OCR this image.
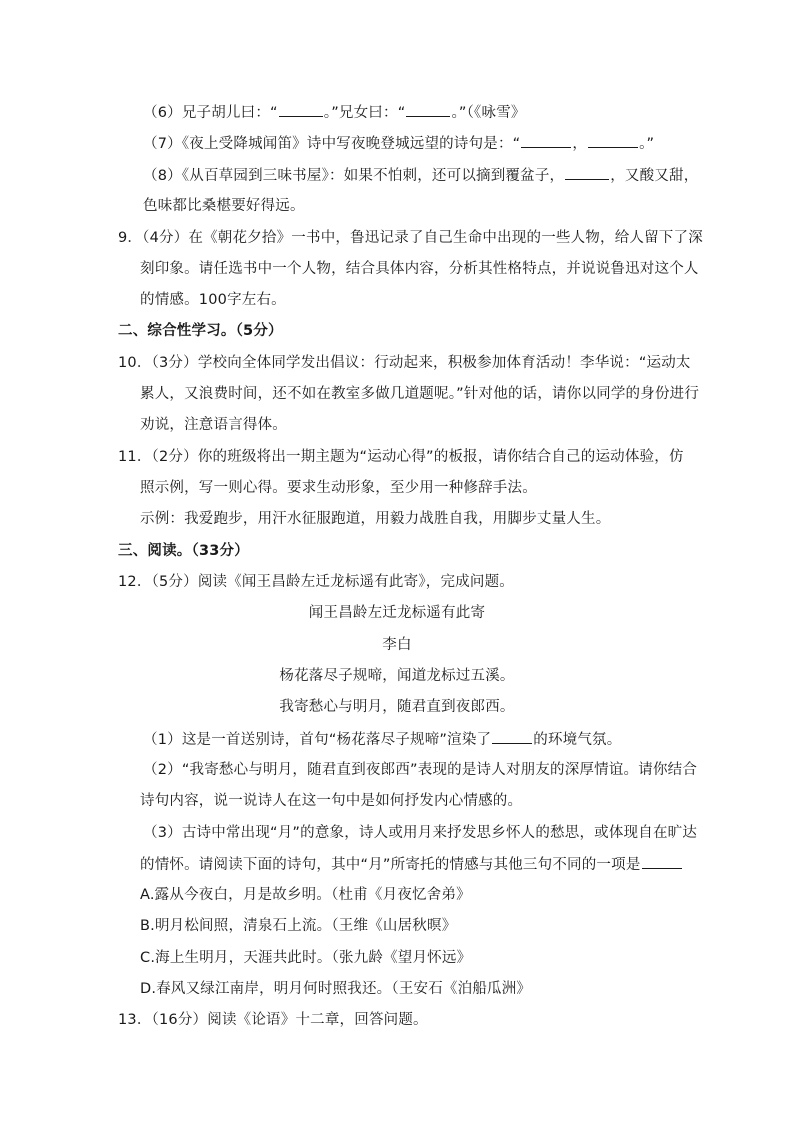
（6）兄子胡儿曰：“	。”兄女曰：“	。”（《咏雪》
（7）《夜上受降城闻笛》诗中写夜晚登城远望的诗句是：“	，	。”
（8）《从百草园到三味书屋》：如果不怕刺，还可以摘到覆盆子，	，又酸又甜，
色味都比桑椹要好得远。
9．（4分）在《朝花夕拾》一书中，鲁迅记录了自己生命中出现的一些人物，给人留下了深
刻印象。请任选书中一个人物，结合具体内容，分析其性格特点，并说说鲁迅对这个人
的情感。100字左右。
二、综合性学习。（5分）
10．（3分）学校向全体同学发出倡议：行动起来，积极参加体育活动！李华说：“运动太
累人，又浪费时间，还不如在教室多做几道题呢。”针对他的话，请你以同学的身份进行
劝说，注意语言得体。
11．（2分）你的班级将出一期主题为“运动心得”的板报，请你结合自己的运动体验，仿
照示例，写一则心得。要求生动形象，至少用一种修辞手法。
示例：我爱跑步，用汗水征服跑道，用毅力战胜自我，用脚步丈量人生。
三、阅读。（33分）
12．（5分）阅读《闻王昌龄左迁龙标遥有此寄》，完成问题。
闻王昌龄左迁龙标遥有此寄
李白
杨花落尽子规啼，闻道龙标过五溪。
我寄愁心与明月，随君直到夜郎西。
（1）这是一首送别诗，首句“杨花落尽子规啼”渲染了	的环境气氛。
（2）“我寄愁心与明月，随君直到夜郎西”表现的是诗人对朋友的深厚情谊。请你结合
诗句内容，说一说诗人在这一句中是如何抒发内心情感的。
（3）古诗中常出现“月”的意象，诗人或用月来抒发思乡怀人的愁思，或体现自在旷达
的情怀。请阅读下面的诗句，其中“月”所寄托的情感与其他三句不同的一项是
A.露从今夜白，月是故乡明。（杜甫《月夜忆舍弟》
B.明月松间照，清泉石上流。（王维《山居秋暝》
C.海上生明月，天涯共此时。（张九龄《望月怀远》
D.春风又绿江南岸，明月何时照我还。（王安石《泊船瓜洲》
13．（16分）阅读《论语》十二章，回答问题。
